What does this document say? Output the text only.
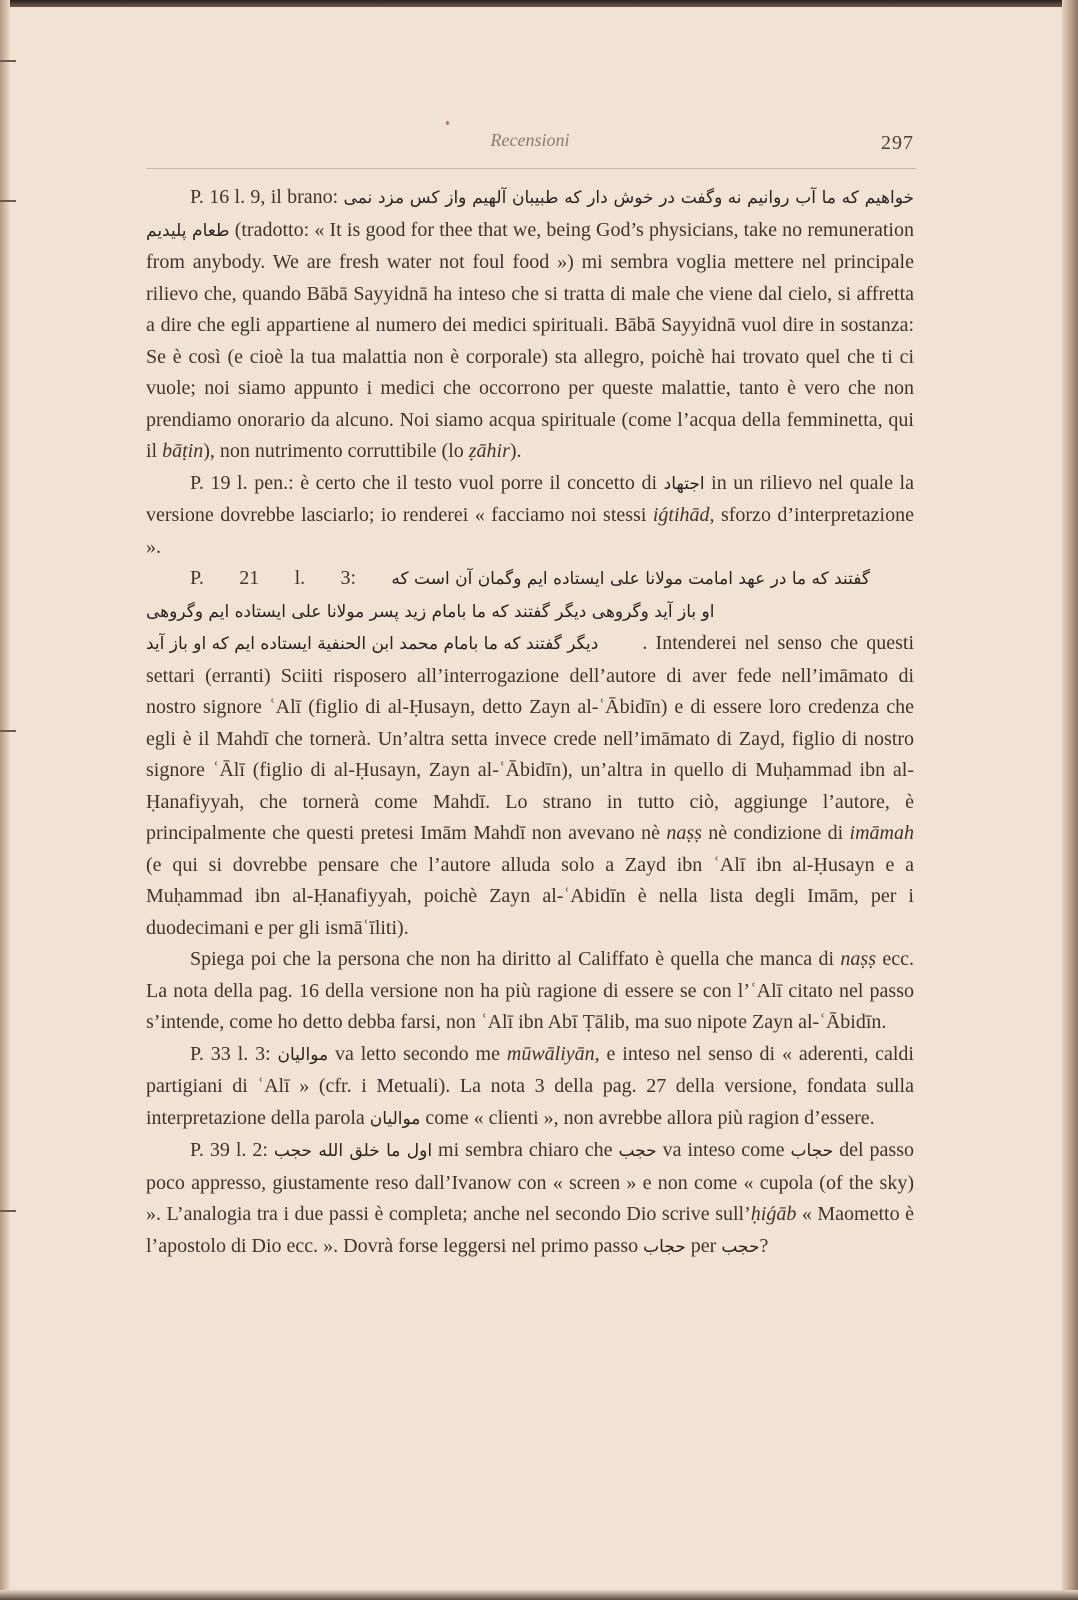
Recensioni	297

P. 16 l. 9, il brano: وگفت در خوش دار که طبیبان آلهیم واز کس مزد نمی خواهیم که ما آب روانیم نه طعام پلیدیم (tradotto: « It is good for thee that we, being God’s physicians, take no remuneration from anybody. We are fresh water not foul food ») mi sembra voglia mettere nel principale rilievo che, quando Bābā Sayyidnā ha inteso che si tratta di male che viene dal cielo, si affretta a dire che egli appartiene al numero dei medici spirituali. Bābā Sayyidnā vuol dire in sostanza: Se è così (e cioè la tua malattia non è corporale) sta allegro, poichè hai trovato quel che ti ci vuole; noi siamo appunto i medici che occorrono per queste malattie, tanto è vero che non prendiamo onorario da alcuno. Noi siamo acqua spirituale (come l’acqua della femminetta, qui il bāṭin), non nutrimento corruttibile (lo ẓāhir).

P. 19 l. pen.: è certo che il testo vuol porre il concetto di اجتهاد in un rilievo nel quale la versione dovrebbe lasciarlo; io renderei « facciamo noi stessi iǵtihād, sforzo d’interpretazione ».

P. 21 l. 3: گفتند که ما در عهد امامت مولانا علی ایستاده ایم وگمان آن است که او باز آید وگروهی دیگر گفتند که ما بامام زید پسر مولانا علی ایستاده ایم وگروهی دیگر گفتند که ما بامام محمد ابن الحنفیة ایستاده ایم که او باز آید . Intenderei nel senso che questi settari (erranti) Sciiti risposero all’interrogazione dell’autore di aver fede nell’imāmato di nostro signore ʿAlī (figlio di al-Ḥusayn, detto Zayn al-ʿĀbidīn) e di essere loro credenza che egli è il Mahdī che tornerà. Un’altra setta invece crede nell’imāmato di Zayd, figlio di nostro signore ʿĀlī (figlio di al-Ḥusayn, Zayn al-ʿĀbidīn), un’altra in quello di Muḥammad ibn al-Ḥanafiyyah, che tornerà come Mahdī. Lo strano in tutto ciò, aggiunge l’autore, è principalmente che questi pretesi Imām Mahdī non avevano nè naṣṣ nè condizione di imāmah (e qui si dovrebbe pensare che l’autore alluda solo a Zayd ibn ʿAlī ibn al-Ḥusayn e a Muḥammad ibn al-Ḥanafiyyah, poichè Zayn al-ʿAbidīn è nella lista degli Imām, per i duodecimani e per gli ismāʿīliti).

Spiega poi che la persona che non ha diritto al Califfato è quella che manca di naṣṣ ecc. La nota della pag. 16 della versione non ha più ragione di essere se con l’ʿAlī citato nel passo s’intende, come ho detto debba farsi, non ʿAlī ibn Abī Ṭālib, ma suo nipote Zayn al-ʿĀbidīn.

P. 33 l. 3: موالیان va letto secondo me mūwāliyān, e inteso nel senso di « aderenti, caldi partigiani di ʿAlī » (cfr. i Metuali). La nota 3 della pag. 27 della versione, fondata sulla interpretazione della parola موالیان come « clienti », non avrebbe allora più ragion d’essere.

P. 39 l. 2: اول ما خلق الله حجب mi sembra chiaro che حجب va inteso come حجاب del passo poco appresso, giustamente reso dall’Ivanow con « screen » e non come « cupola (of the sky) ». L’analogia tra i due passi è completa; anche nel secondo Dio scrive sull’ḥiǵāb « Maometto è l’apostolo di Dio ecc. ». Dovrà forse leggersi nel primo passo حجاب per حجب?
